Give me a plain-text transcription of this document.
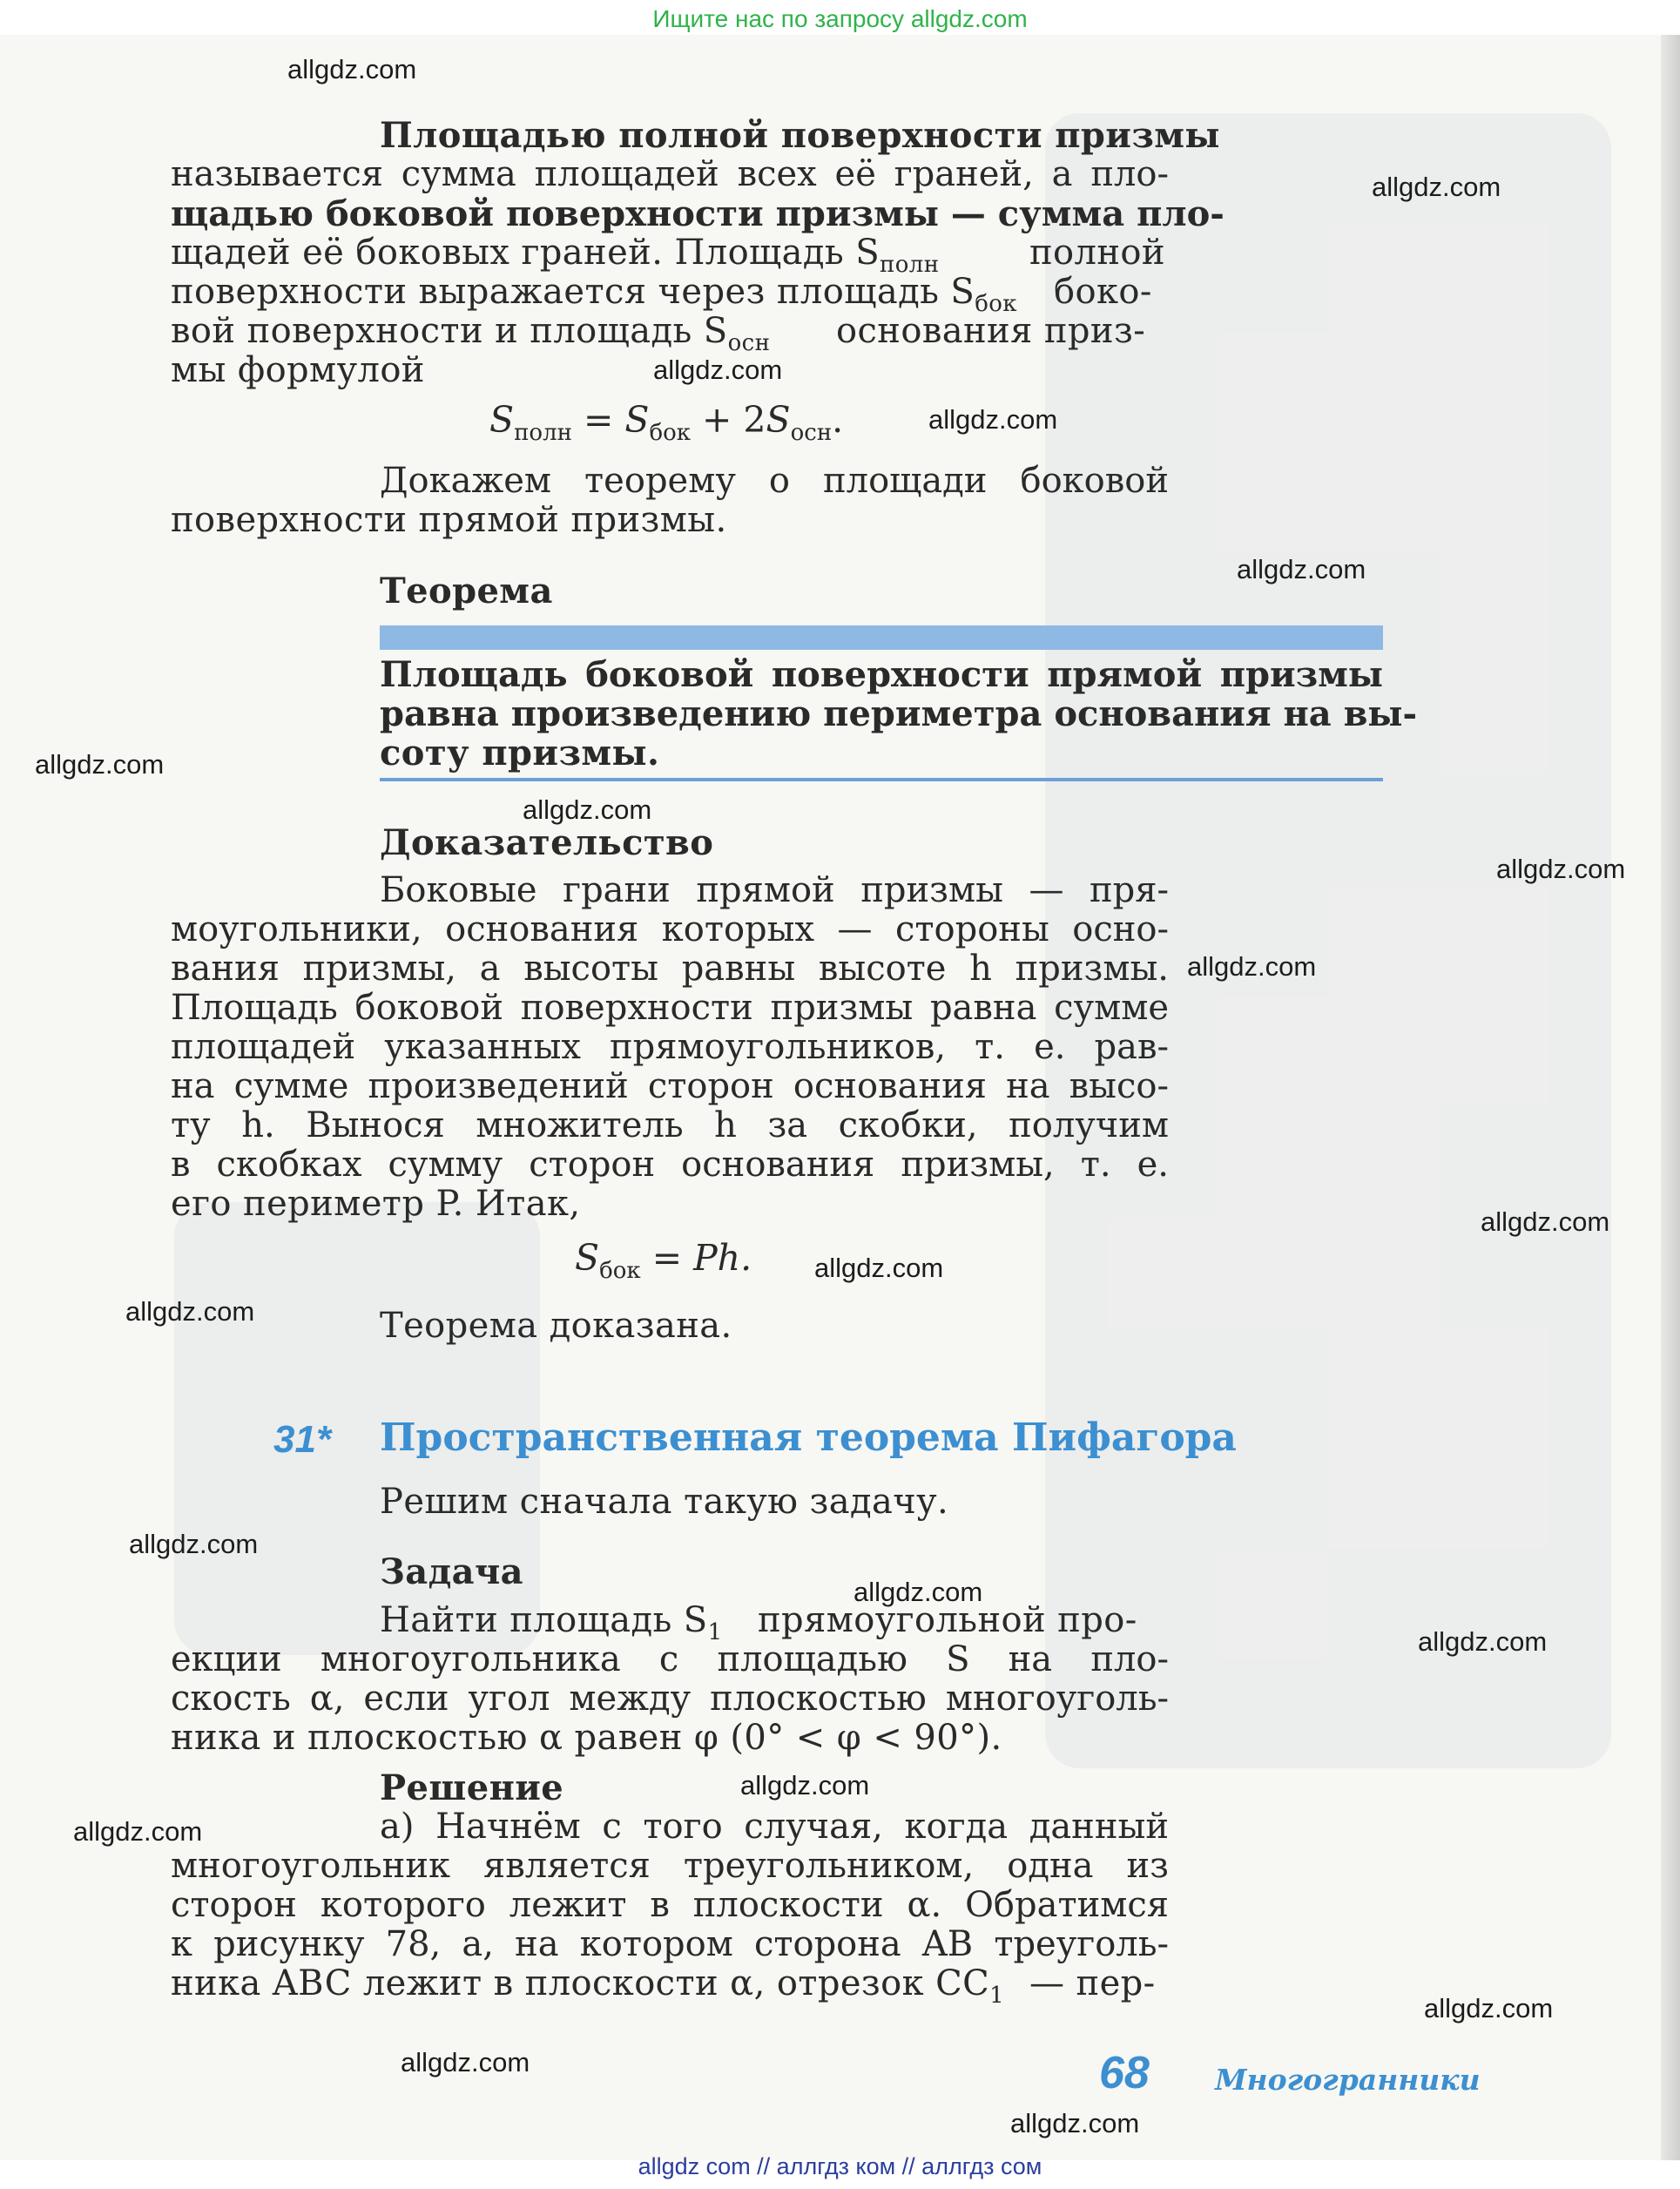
Ищите нас по запросу allgdz.com
Площадью полной поверхности призмы
называется сумма площадей всех её граней, а пло-
щадью боковой поверхности призмы — сумма пло-
щадей её боковых граней. Площадь $S_{полн}$	полной
поверхности выражается через площадь $S_{бок}$ боко-
вой поверхности и площадь $S_{осн}$ основания приз-
мы формулой
$S_{полн} = S_{бок} + 2S_{осн}$.
Докажем теорему о площади боковой
поверхности прямой призмы.
Теорема
Площадь боковой поверхности прямой призмы
равна произведению периметра основания на вы-
соту призмы.
Доказательство
Боковые грани прямой призмы — пря-
моугольники, основания которых — стороны осно-
вания призмы, а высоты равны высоте h призмы.
Площадь боковой поверхности призмы равна сумме
площадей указанных прямоугольников, т. е. рав-
на сумме произведений сторон основания на высо-
ту h. Вынося множитель h за скобки, получим
в скобках сумму сторон основания призмы, т. е.
его периметр P. Итак,
$S_{бок} = Ph$.
Теорема доказана.
31* Пространственная теорема Пифагора
Решим сначала такую задачу.
Задача
Найти площадь $S_1$ прямоугольной про-
екции многоугольника с площадью S на пло-
скость α, если угол между плоскостью многоуголь-
ника и плоскостью α равен φ (0° < φ < 90°).
Решение
а) Начнём с того случая, когда данный
многоугольник является треугольником, одна из
сторон которого лежит в плоскости α. Обратимся
к рисунку 78, а, на котором сторона AB треуголь-
ника ABC лежит в плоскости α, отрезок $CC_1$ — пер-
68 Многогранники
allgdz.com
allgdz.com
allgdz.com
allgdz.com
allgdz.com
allgdz.com
allgdz.com
allgdz.com
allgdz.com
allgdz.com
allgdz.com
allgdz.com
allgdz.com
allgdz.com
allgdz.com
allgdz.com
allgdz.com
allgdz.com
allgdz.com
allgdz.com
allgdz com // аллгдз ком // аллгдз сом
